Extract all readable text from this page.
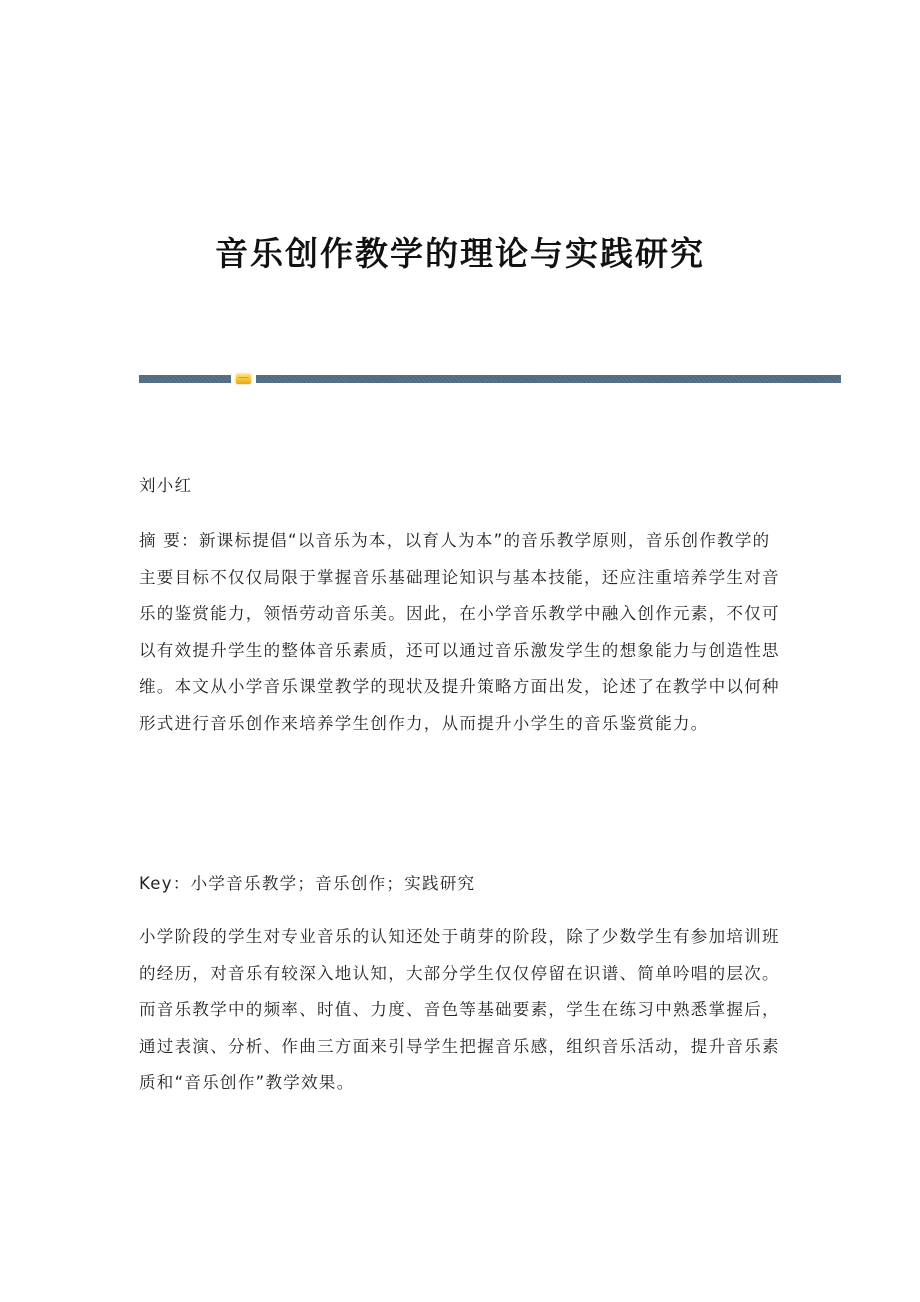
音乐创作教学的理论与实践研究
刘小红

摘 要：新课标提倡“以音乐为本，以育人为本”的音乐教学原则，音乐创作教学的主要目标不仅仅局限于掌握音乐基础理论知识与基本技能，还应注重培养学生对音乐的鉴赏能力，领悟劳动音乐美。因此，在小学音乐教学中融入创作元素，不仅可以有效提升学生的整体音乐素质，还可以通过音乐激发学生的想象能力与创造性思维。本文从小学音乐课堂教学的现状及提升策略方面出发，论述了在教学中以何种形式进行音乐创作来培养学生创作力，从而提升小学生的音乐鉴赏能力。

Key：小学音乐教学；音乐创作；实践研究

小学阶段的学生对专业音乐的认知还处于萌芽的阶段，除了少数学生有参加培训班的经历，对音乐有较深入地认知，大部分学生仅仅停留在识谱、简单吟唱的层次。而音乐教学中的频率、时值、力度、音色等基础要素，学生在练习中熟悉掌握后，通过表演、分析、作曲三方面来引导学生把握音乐感，组织音乐活动，提升音乐素质和“音乐创作”教学效果。
